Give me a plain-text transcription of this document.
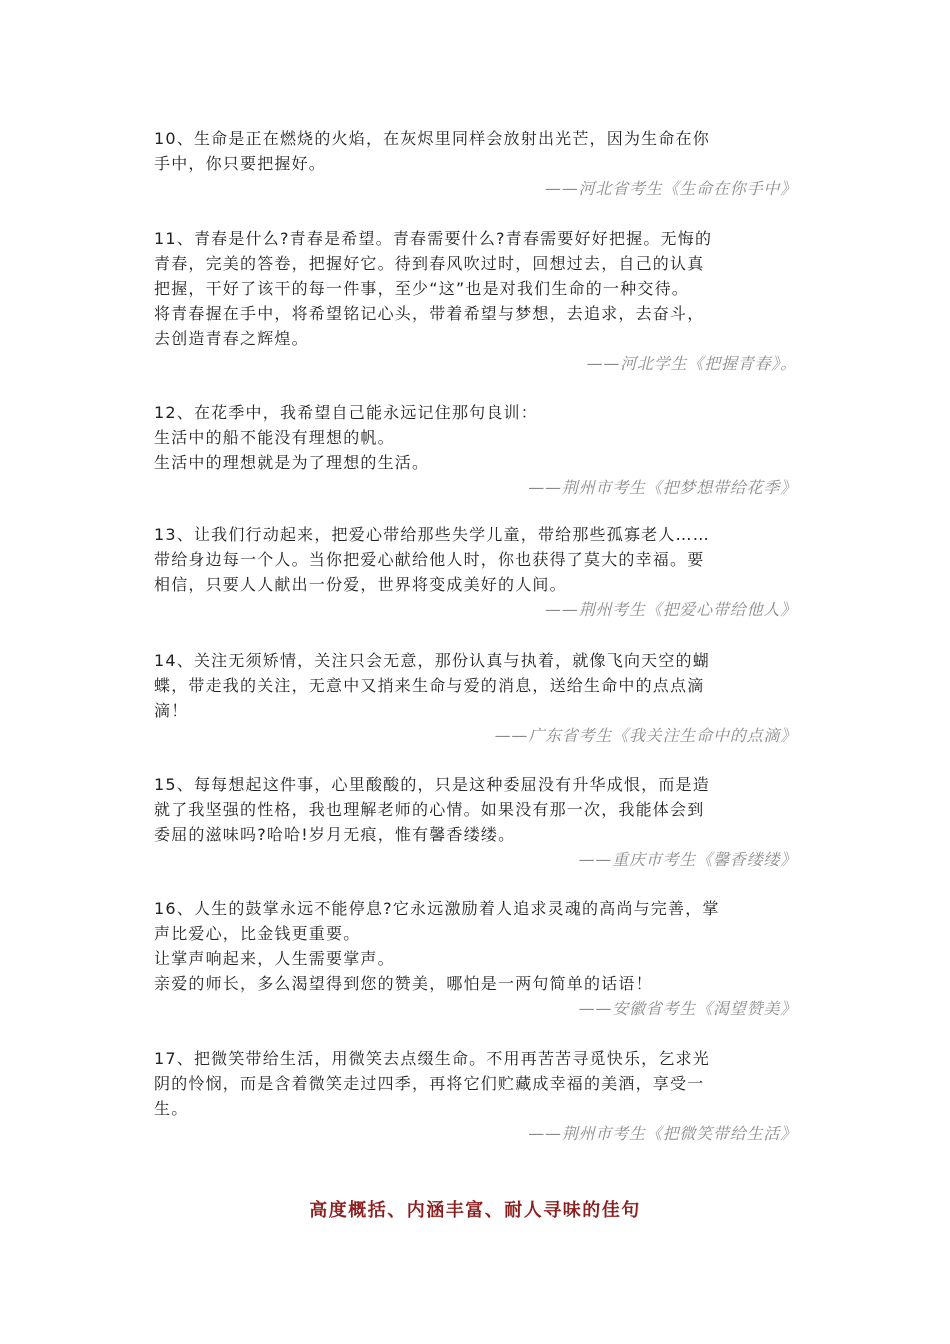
10、生命是正在燃烧的火焰，在灰烬里同样会放射出光芒，因为生命在你
手中，你只要把握好。
——河北省考生《生命在你手中》
11、青春是什么?青春是希望。青春需要什么?青春需要好好把握。无悔的
青春，完美的答卷，把握好它。待到春风吹过时，回想过去，自己的认真
把握，干好了该干的每一件事，至少“这”也是对我们生命的一种交待。
将青春握在手中，将希望铭记心头，带着希望与梦想，去追求，去奋斗，
去创造青春之辉煌。
——河北学生《把握青春》。
12、在花季中，我希望自己能永远记住那句良训：
生活中的船不能没有理想的帆。
生活中的理想就是为了理想的生活。
——荆州市考生《把梦想带给花季》
13、让我们行动起来，把爱心带给那些失学儿童，带给那些孤寡老人……
带给身边每一个人。当你把爱心献给他人时，你也获得了莫大的幸福。要
相信，只要人人献出一份爱，世界将变成美好的人间。
——荆州考生《把爱心带给他人》
14、关注无须矫情，关注只会无意，那份认真与执着，就像飞向天空的蝴
蝶，带走我的关注，无意中又捎来生命与爱的消息，送给生命中的点点滴
滴！
——广东省考生《我关注生命中的点滴》
15、每每想起这件事，心里酸酸的，只是这种委屈没有升华成恨，而是造
就了我坚强的性格，我也理解老师的心情。如果没有那一次，我能体会到
委屈的滋味吗?哈哈!岁月无痕，惟有馨香缕缕。
——重庆市考生《馨香缕缕》
16、人生的鼓掌永远不能停息?它永远激励着人追求灵魂的高尚与完善，掌
声比爱心，比金钱更重要。
让掌声响起来，人生需要掌声。
亲爱的师长，多么渴望得到您的赞美，哪怕是一两句简单的话语！
——安徽省考生《渴望赞美》
17、把微笑带给生活，用微笑去点缀生命。不用再苦苦寻觅快乐，乞求光
阴的怜悯，而是含着微笑走过四季，再将它们贮藏成幸福的美酒，享受一
生。
——荆州市考生《把微笑带给生活》
高度概括、内涵丰富、耐人寻味的佳句
